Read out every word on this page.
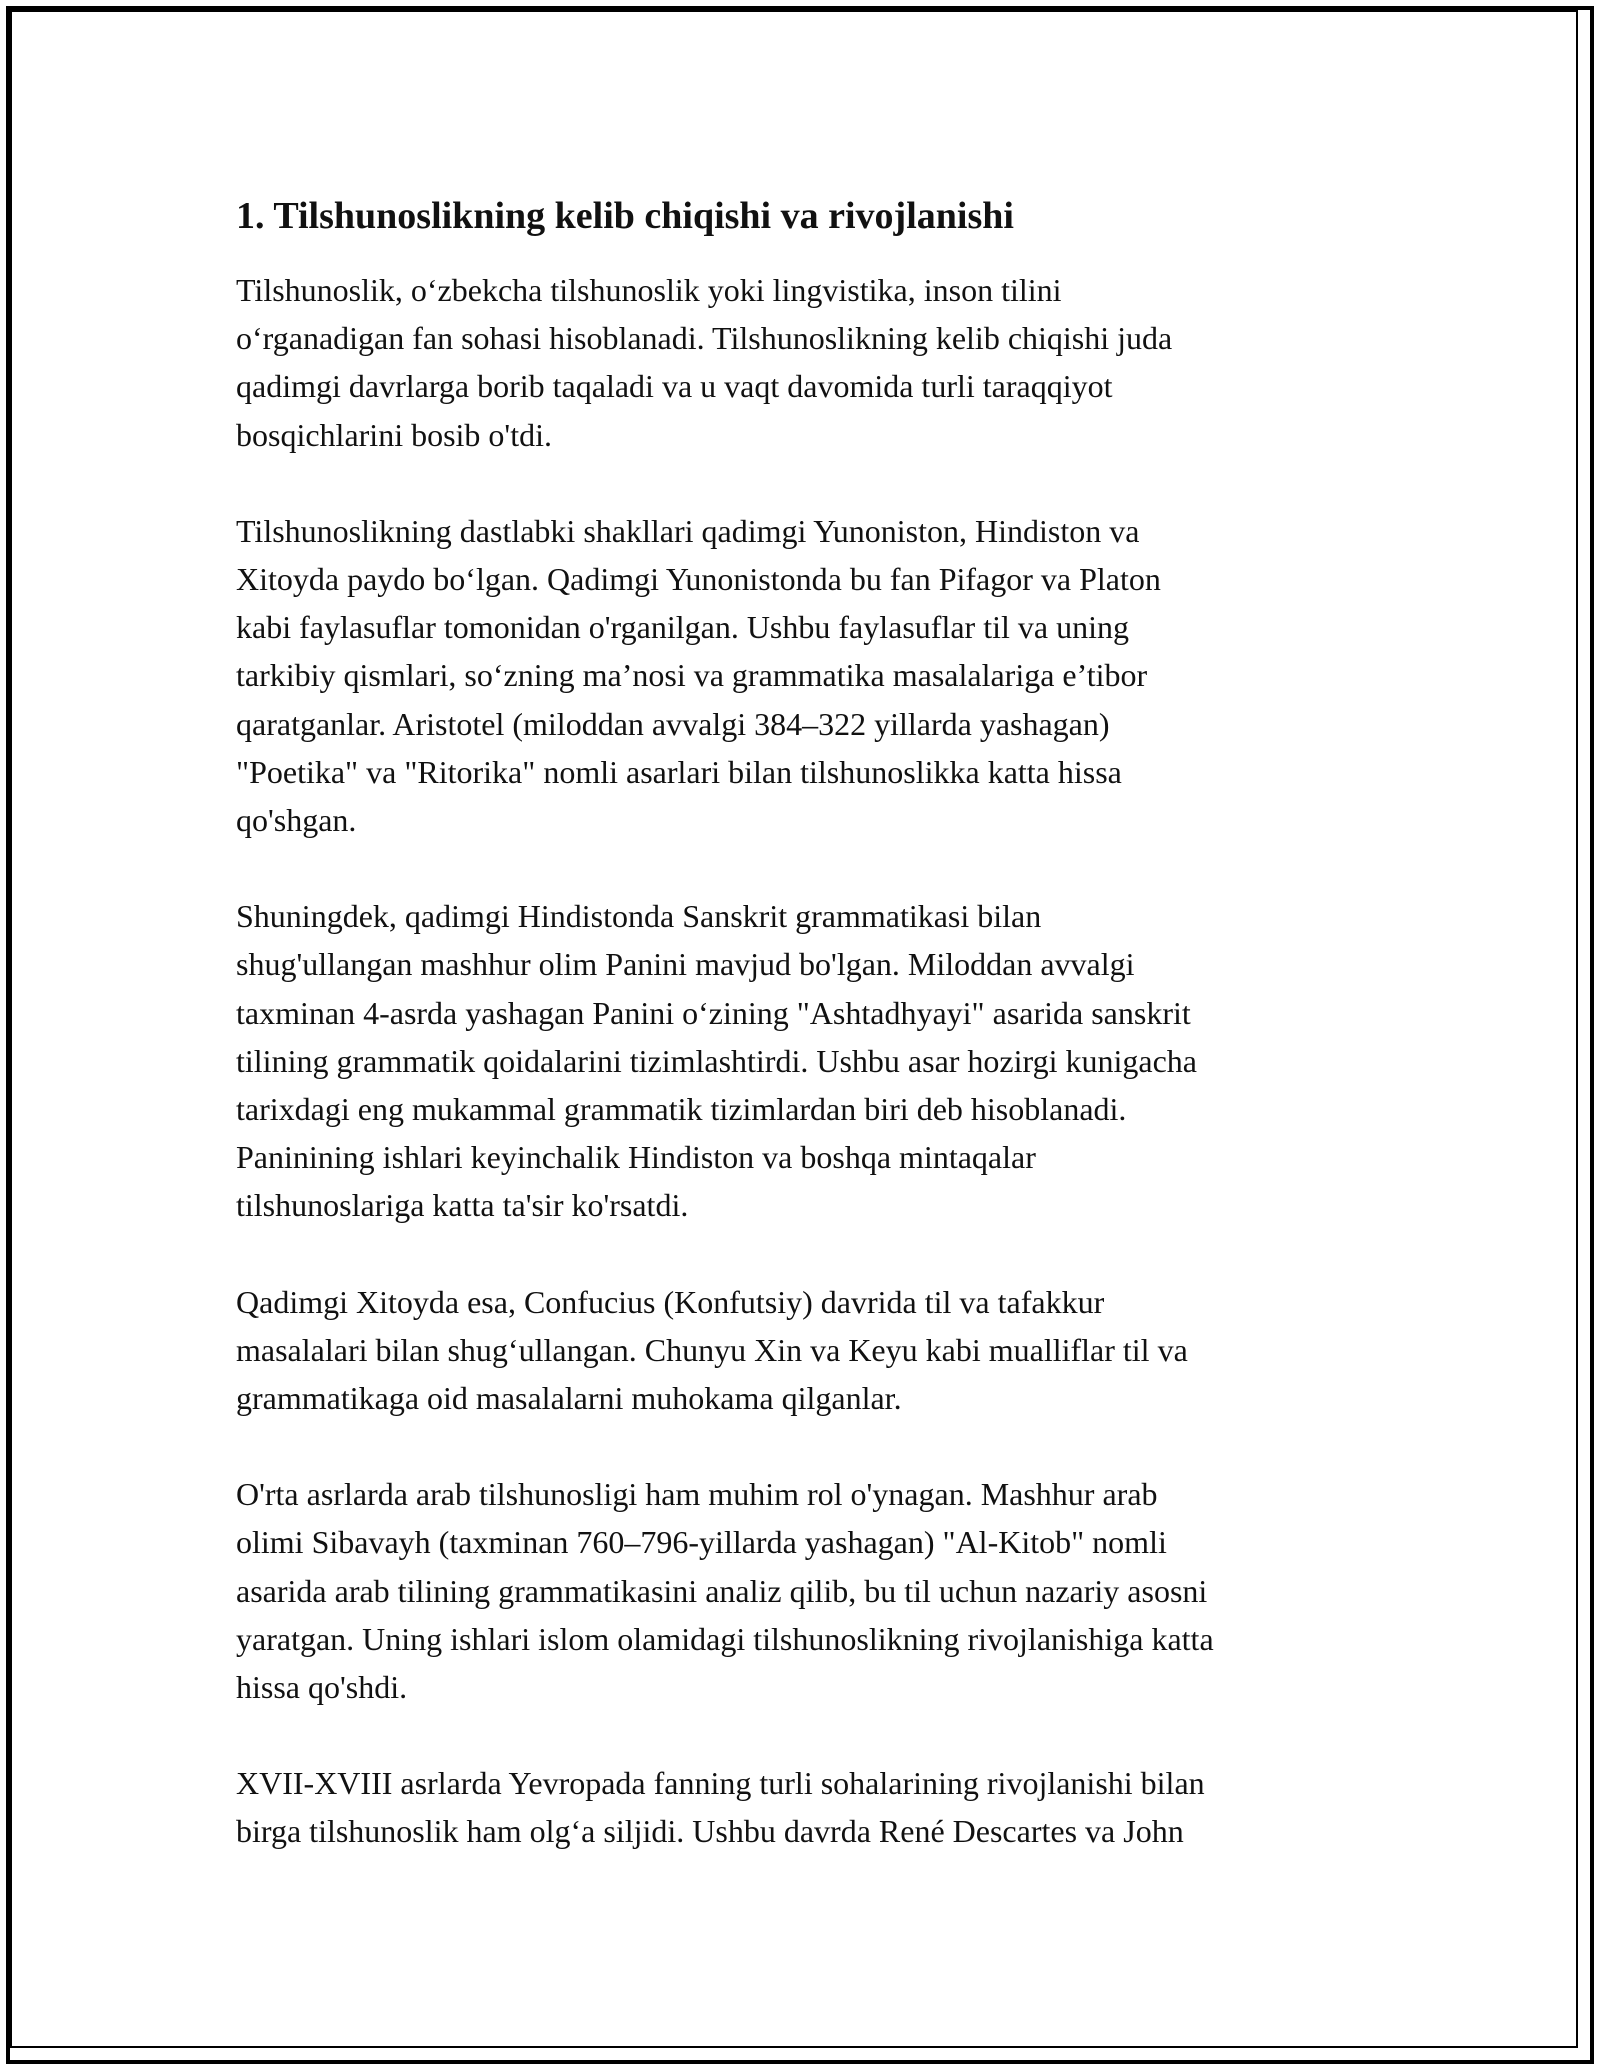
1. Tilshunoslikning kelib chiqishi va rivojlanishi

Tilshunoslik, o‘zbekcha tilshunoslik yoki lingvistika, inson tilini
o‘rganadigan fan sohasi hisoblanadi. Tilshunoslikning kelib chiqishi juda
qadimgi davrlarga borib taqaladi va u vaqt davomida turli taraqqiyot
bosqichlarini bosib o'tdi.

Tilshunoslikning dastlabki shakllari qadimgi Yunoniston, Hindiston va
Xitoyda paydo bo‘lgan. Qadimgi Yunonistonda bu fan Pifagor va Platon
kabi faylasuflar tomonidan o'rganilgan. Ushbu faylasuflar til va uning
tarkibiy qismlari, so‘zning ma’nosi va grammatika masalalariga e’tibor
qaratganlar. Aristotel (miloddan avvalgi 384–322 yillarda yashagan)
"Poetika" va "Ritorika" nomli asarlari bilan tilshunoslikka katta hissa
qo'shgan.

Shuningdek, qadimgi Hindistonda Sanskrit grammatikasi bilan
shug'ullangan mashhur olim Panini mavjud bo'lgan. Miloddan avvalgi
taxminan 4-asrda yashagan Panini o‘zining "Ashtadhyayi" asarida sanskrit
tilining grammatik qoidalarini tizimlashtirdi. Ushbu asar hozirgi kunigacha
tarixdagi eng mukammal grammatik tizimlardan biri deb hisoblanadi.
Paninining ishlari keyinchalik Hindiston va boshqa mintaqalar
tilshunoslariga katta ta'sir ko'rsatdi.

Qadimgi Xitoyda esa, Confucius (Konfutsiy) davrida til va tafakkur
masalalari bilan shug‘ullangan. Chunyu Xin va Keyu kabi mualliflar til va
grammatikaga oid masalalarni muhokama qilganlar.

O'rta asrlarda arab tilshunosligi ham muhim rol o'ynagan. Mashhur arab
olimi Sibavayh (taxminan 760–796-yillarda yashagan) "Al-Kitob" nomli
asarida arab tilining grammatikasini analiz qilib, bu til uchun nazariy asosni
yaratgan. Uning ishlari islom olamidagi tilshunoslikning rivojlanishiga katta
hissa qo'shdi.

XVII-XVIII asrlarda Yevropada fanning turli sohalarining rivojlanishi bilan
birga tilshunoslik ham olg‘a siljidi. Ushbu davrda René Descartes va John
